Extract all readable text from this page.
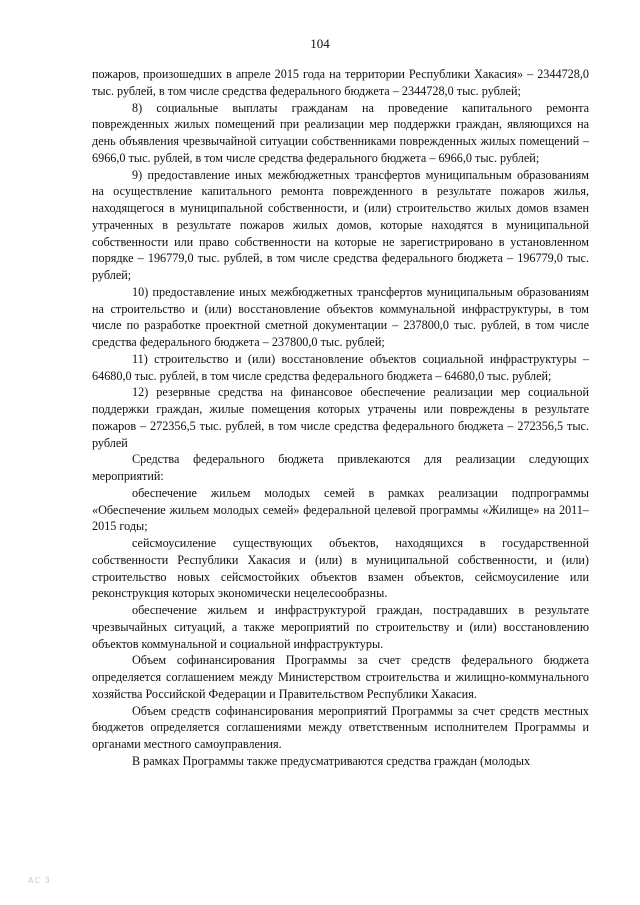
104

пожаров, произошедших в апреле 2015 года на территории Республики Хакасия» – 2344728,0 тыс. рублей, в том числе средства федерального бюджета – 2344728,0 тыс. рублей;

8) социальные выплаты гражданам на проведение капитального ремонта поврежденных жилых помещений при реализации мер поддержки граждан, являющихся на день объявления чрезвычайной ситуации собственниками поврежденных жилых помещений – 6966,0 тыс. рублей, в том числе средства федерального бюджета – 6966,0 тыс. рублей;

9) предоставление иных межбюджетных трансфертов муниципальным образованиям на осуществление капитального ремонта поврежденного в результате пожаров жилья, находящегося в муниципальной собственности, и (или) строительство жилых домов взамен утраченных в результате пожаров жилых домов, которые находятся в муниципальной собственности или право собственности на которые не зарегистрировано в установленном порядке – 196779,0 тыс. рублей, в том числе средства федерального бюджета – 196779,0 тыс. рублей;

10) предоставление иных межбюджетных трансфертов муниципальным образованиям на строительство и (или) восстановление объектов коммунальной инфраструктуры, в том числе по разработке проектной сметной документации – 237800,0 тыс. рублей, в том числе средства федерального бюджета – 237800,0 тыс. рублей;

11) строительство и (или) восстановление объектов социальной инфраструктуры – 64680,0 тыс. рублей, в том числе средства федерального бюджета – 64680,0 тыс. рублей;

12) резервные средства на финансовое обеспечение реализации мер социальной поддержки граждан, жилые помещения которых утрачены или повреждены в результате пожаров – 272356,5 тыс. рублей, в том числе средства федерального бюджета – 272356,5 тыс. рублей

Средства федерального бюджета привлекаются для реализации следующих мероприятий:

обеспечение жильем молодых семей в рамках реализации подпрограммы «Обеспечение жильем молодых семей» федеральной целевой программы «Жилище» на 2011–2015 годы;

сейсмоусиление существующих объектов, находящихся в государственной собственности Республики Хакасия и (или) в муниципальной собственности, и (или) строительство новых сейсмостойких объектов взамен объектов, сейсмоусиление или реконструкция которых экономически нецелесообразны.

обеспечение жильем и инфраструктурой граждан, пострадавших в результате чрезвычайных ситуаций, а также мероприятий по строительству и (или) восстановлению объектов коммунальной и социальной инфраструктуры.

Объем софинансирования Программы за счет средств федерального бюджета определяется соглашением между Министерством строительства и жилищно-коммунального хозяйства Российской Федерации и Правительством Республики Хакасия.

Объем средств софинансирования мероприятий Программы за счет средств местных бюджетов определяется соглашениями между ответственным исполнителем Программы и органами местного самоуправления.

В рамках Программы также предусматриваются средства граждан (молодых

АС 3
